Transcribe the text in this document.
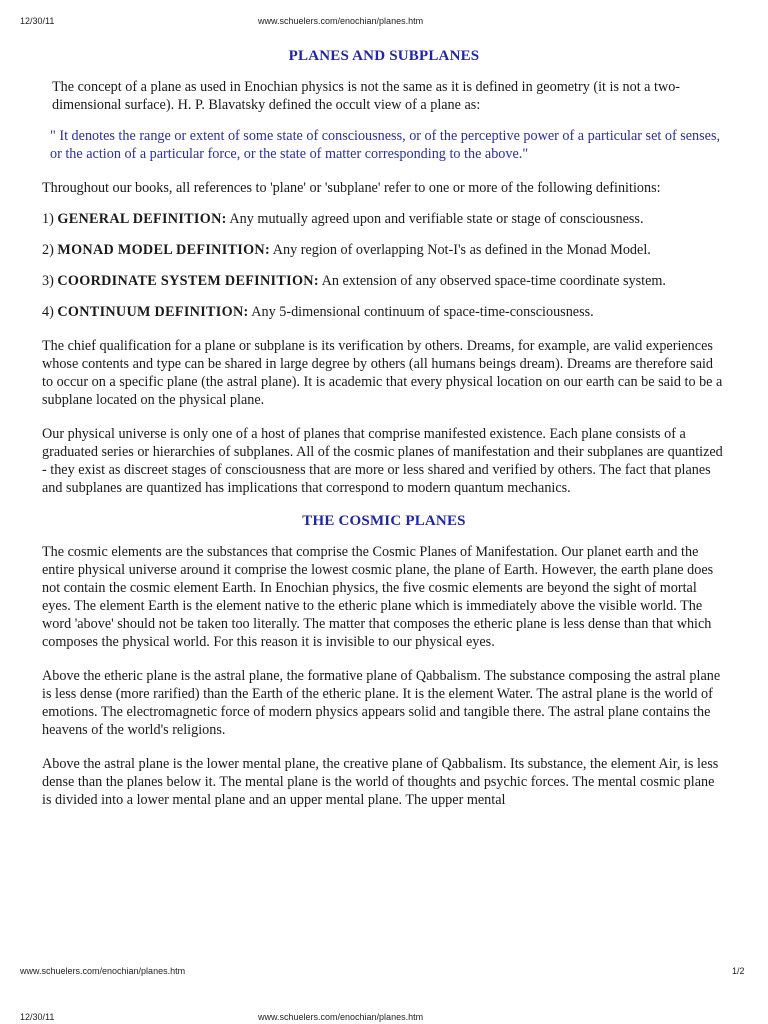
12/30/11	www.schuelers.com/enochian/planes.htm
PLANES AND SUBPLANES

The concept of a plane as used in Enochian physics is not the same as it is defined in geometry (it is not a two-dimensional surface). H. P. Blavatsky defined the occult view of a plane as:

" It denotes the range or extent of some state of consciousness, or of the perceptive power of a particular set of senses, or the action of a particular force, or the state of matter corresponding to the above."

Throughout our books, all references to 'plane' or 'subplane' refer to one or more of the following definitions:

1) GENERAL DEFINITION: Any mutually agreed upon and verifiable state or stage of consciousness.

2) MONAD MODEL DEFINITION: Any region of overlapping Not-I's as defined in the Monad Model.

3) COORDINATE SYSTEM DEFINITION: An extension of any observed space-time coordinate system.

4) CONTINUUM DEFINITION: Any 5-dimensional continuum of space-time-consciousness.

The chief qualification for a plane or subplane is its verification by others. Dreams, for example, are valid experiences whose contents and type can be shared in large degree by others (all humans beings dream). Dreams are therefore said to occur on a specific plane (the astral plane). It is academic that every physical location on our earth can be said to be a subplane located on the physical plane.

Our physical universe is only one of a host of planes that comprise manifested existence. Each plane consists of a graduated series or hierarchies of subplanes. All of the cosmic planes of manifestation and their subplanes are quantized - they exist as discreet stages of consciousness that are more or less shared and verified by others. The fact that planes and subplanes are quantized has implications that correspond to modern quantum mechanics.

THE COSMIC PLANES

The cosmic elements are the substances that comprise the Cosmic Planes of Manifestation. Our planet earth and the entire physical universe around it comprise the lowest cosmic plane, the plane of Earth. However, the earth plane does not contain the cosmic element Earth. In Enochian physics, the five cosmic elements are beyond the sight of mortal eyes. The element Earth is the element native to the etheric plane which is immediately above the visible world. The word 'above' should not be taken too literally. The matter that composes the etheric plane is less dense than that which composes the physical world. For this reason it is invisible to our physical eyes.

Above the etheric plane is the astral plane, the formative plane of Qabbalism. The substance composing the astral plane is less dense (more rarified) than the Earth of the etheric plane. It is the element Water. The astral plane is the world of emotions. The electromagnetic force of modern physics appears solid and tangible there. The astral plane contains the heavens of the world's religions.

Above the astral plane is the lower mental plane, the creative plane of Qabbalism. Its substance, the element Air, is less dense than the planes below it. The mental plane is the world of thoughts and psychic forces. The mental cosmic plane is divided into a lower mental plane and an upper mental plane. The upper mental

www.schuelers.com/enochian/planes.htm	1/2
12/30/11	www.schuelers.com/enochian/planes.htm
